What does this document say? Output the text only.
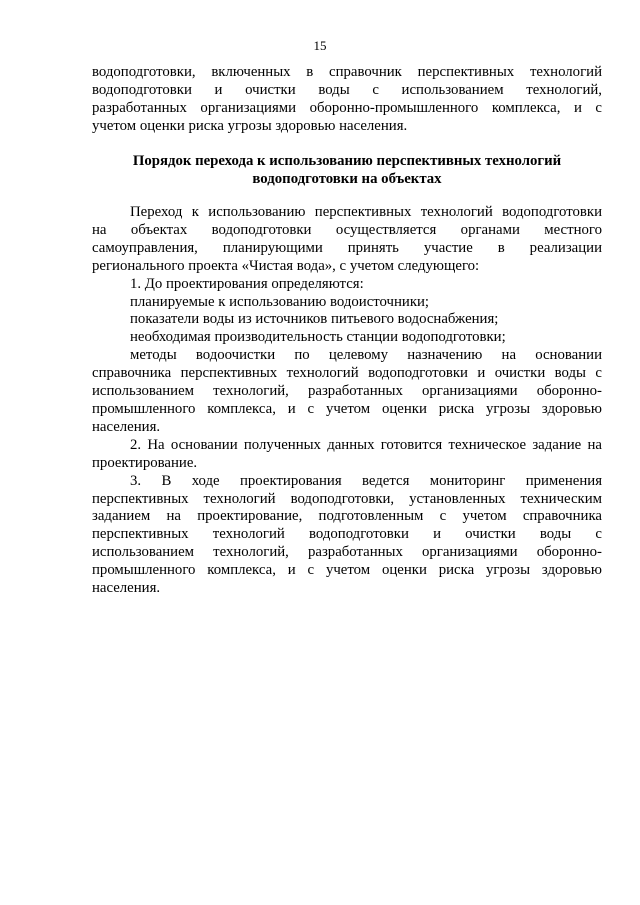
15

водоподготовки, включенных в справочник перспективных технологий
водоподготовки и очистки воды с использованием технологий,
разработанных организациями оборонно-промышленного комплекса, и с
учетом оценки риска угрозы здоровью населения.

Порядок перехода к использованию перспективных технологий
водоподготовки на объектах

Переход к использованию перспективных технологий водоподготовки
на объектах водоподготовки осуществляется органами местного
самоуправления, планирующими принять участие в реализации
регионального проекта «Чистая вода», с учетом следующего:

1. До проектирования определяются:

планируемые к использованию водоисточники;

показатели воды из источников питьевого водоснабжения;

необходимая производительность станции водоподготовки;

методы водоочистки по целевому назначению на основании
справочника перспективных технологий водоподготовки и очистки воды с
использованием технологий, разработанных организациями оборонно-
промышленного комплекса, и с учетом оценки риска угрозы здоровью
населения.

2. На основании полученных данных готовится техническое задание на
проектирование.

3. В ходе проектирования ведется мониторинг применения
перспективных технологий водоподготовки, установленных техническим
заданием на проектирование, подготовленным с учетом справочника
перспективных технологий водоподготовки и очистки воды с
использованием технологий, разработанных организациями оборонно-
промышленного комплекса, и с учетом оценки риска угрозы здоровью
населения.
